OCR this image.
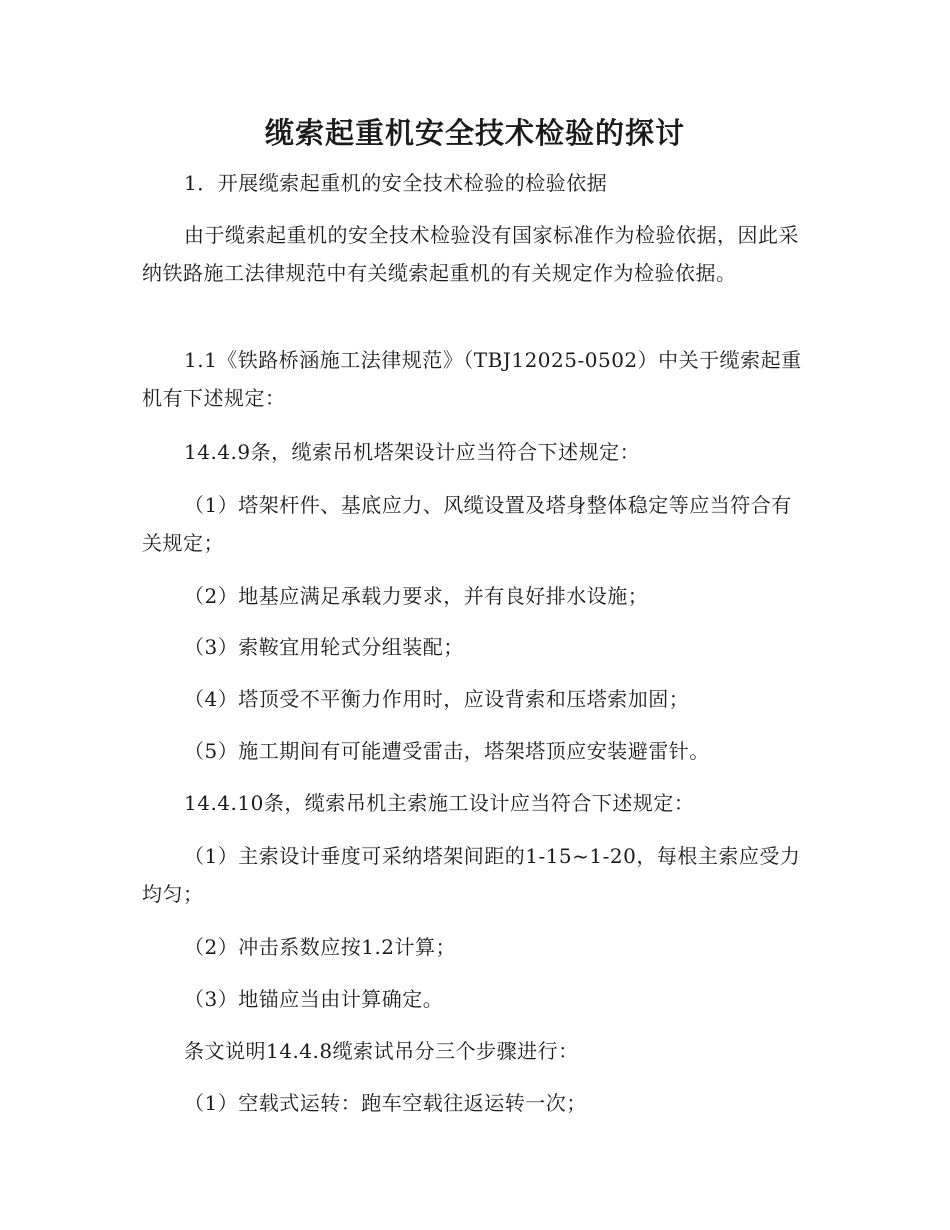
缆索起重机安全技术检验的探讨

1．开展缆索起重机的安全技术检验的检验依据

由于缆索起重机的安全技术检验没有国家标准作为检验依据，因此采纳铁路施工法律规范中有关缆索起重机的有关规定作为检验依据。

1.1《铁路桥涵施工法律规范》（TBJ12025-0502）中关于缆索起重机有下述规定：

14.4.9条，缆索吊机塔架设计应当符合下述规定：

（1）塔架杆件、基底应力、风缆设置及塔身整体稳定等应当符合有关规定；

（2）地基应满足承载力要求，并有良好排水设施；

（3）索鞍宜用轮式分组装配；

（4）塔顶受不平衡力作用时，应设背索和压塔索加固；

（5）施工期间有可能遭受雷击，塔架塔顶应安装避雷针。

14.4.10条，缆索吊机主索施工设计应当符合下述规定：

（1）主索设计垂度可采纳塔架间距的1-15~1-20，每根主索应受力均匀；

（2）冲击系数应按1.2计算；

（3）地锚应当由计算确定。

条文说明14.4.8缆索试吊分三个步骤进行：

（1）空载式运转：跑车空载往返运转一次；
